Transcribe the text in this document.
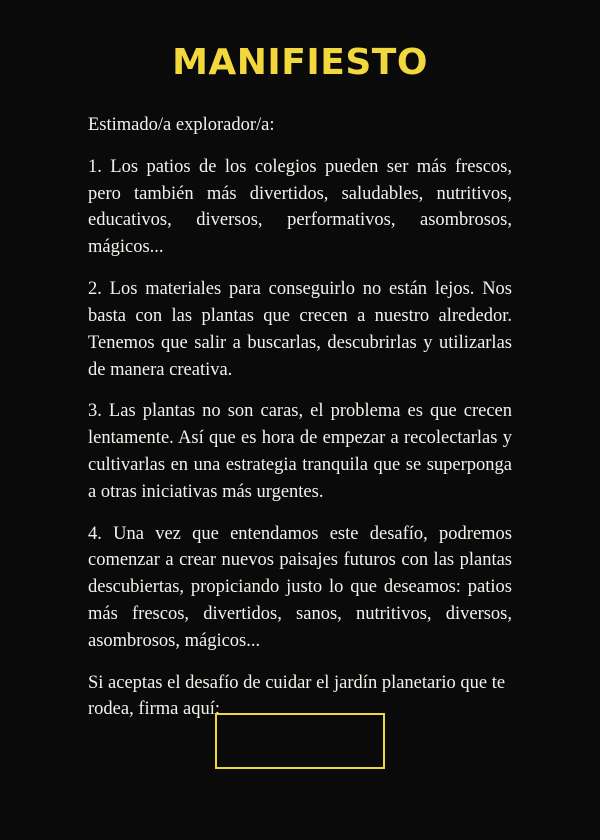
MANIFIESTO

Estimado/a explorador/a:

1. Los patios de los colegios pueden ser más frescos, pero también más divertidos, saludables, nutritivos, educativos, diversos, performativos, asombrosos, mágicos...

2. Los materiales para conseguirlo no están lejos. Nos basta con las plantas que crecen a nuestro alrededor. Tenemos que salir a buscarlas, descubrirlas y utilizarlas de manera creativa.

3. Las plantas no son caras, el problema es que crecen lentamente. Así que es hora de empezar a recolectarlas y cultivarlas en una estrategia tranquila que se superponga a otras iniciativas más urgentes.

4. Una vez que entendamos este desafío, podremos comenzar a crear nuevos paisajes futuros con las plantas descubiertas, propiciando justo lo que deseamos: patios más frescos, divertidos, sanos, nutritivos, diversos, asombrosos, mágicos...

Si aceptas el desafío de cuidar el jardín planetario que te rodea, firma aquí:
